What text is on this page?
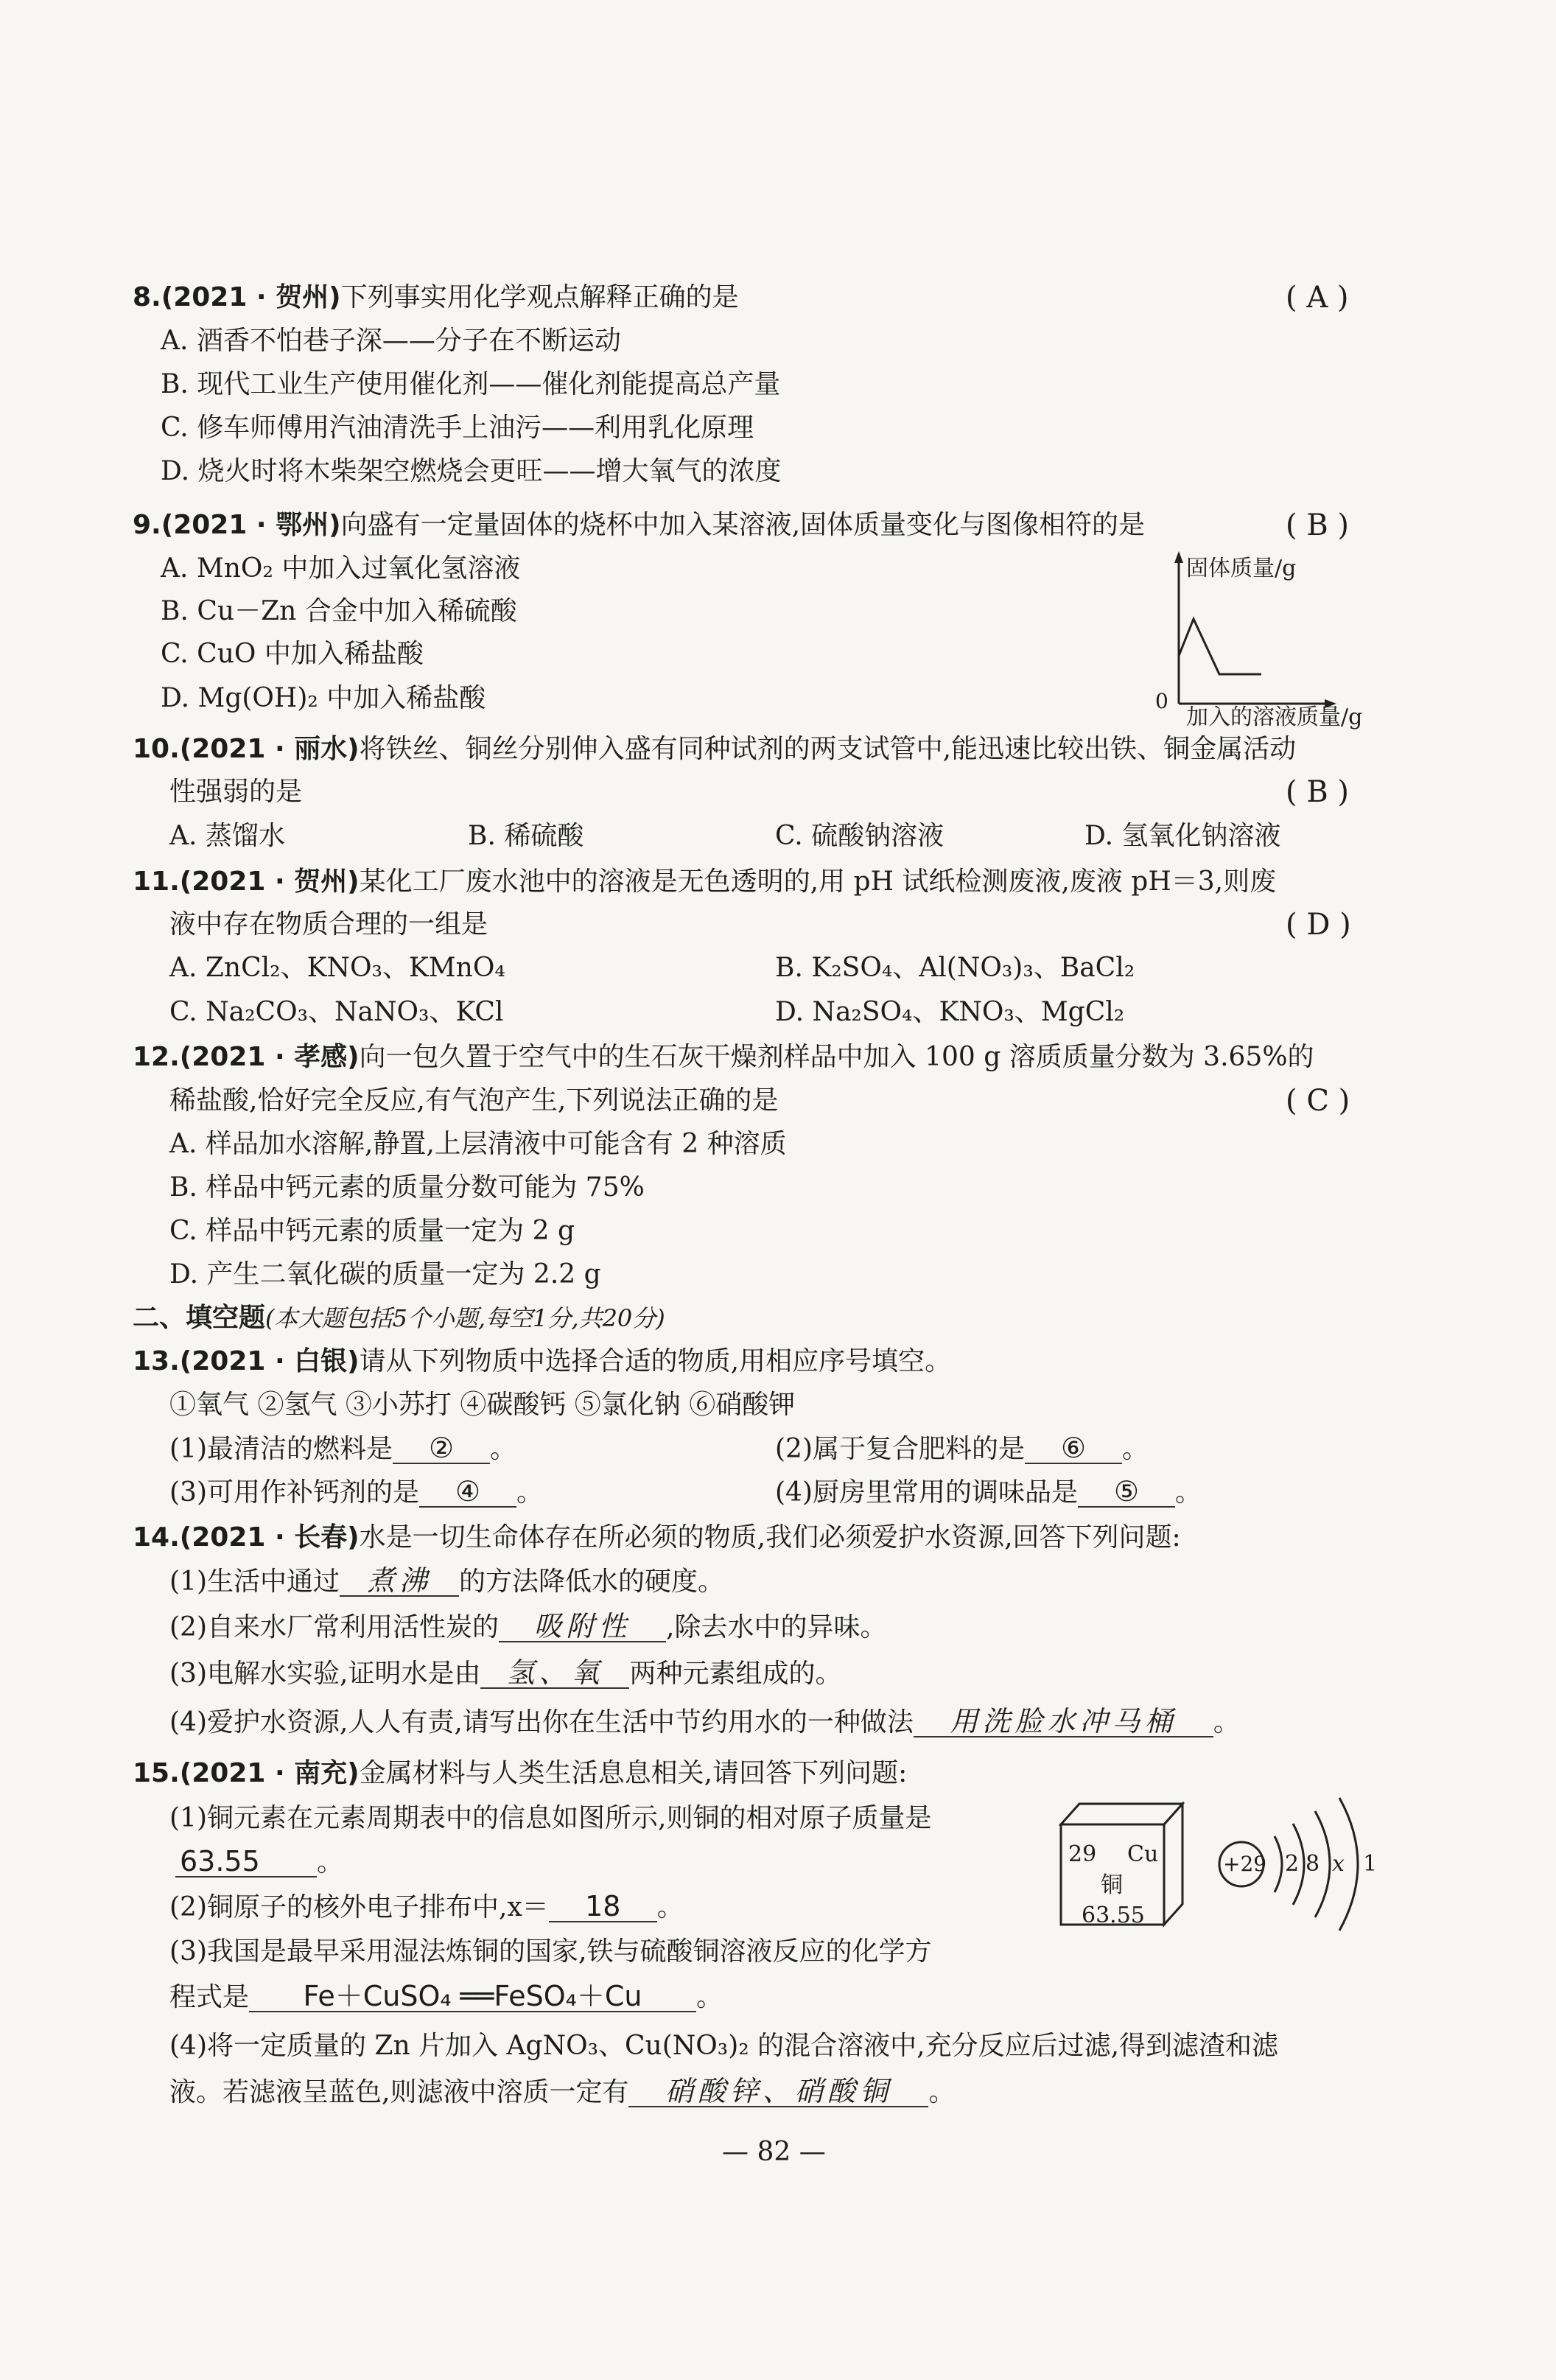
8.(2021 · 贺州)下列事实用化学观点解释正确的是	( A )
A. 酒香不怕巷子深——分子在不断运动
B. 现代工业生产使用催化剂——催化剂能提高总产量
C. 修车师傅用汽油清洗手上油污——利用乳化原理
D. 烧火时将木柴架空燃烧会更旺——增大氧气的浓度
9.(2021 · 鄂州)向盛有一定量固体的烧杯中加入某溶液,固体质量变化与图像相符的是	( B )
A. MnO₂ 中加入过氧化氢溶液
B. Cu－Zn 合金中加入稀硫酸
C. CuO 中加入稀盐酸
D. Mg(OH)₂ 中加入稀盐酸
固体质量/g
0
加入的溶液质量/g
10.(2021 · 丽水)将铁丝、铜丝分别伸入盛有同种试剂的两支试管中,能迅速比较出铁、铜金属活动
性强弱的是	( B )
A. 蒸馏水	B. 稀硫酸	C. 硫酸钠溶液	D. 氢氧化钠溶液
11.(2021 · 贺州)某化工厂废水池中的溶液是无色透明的,用 pH 试纸检测废液,废液 pH＝3,则废
液中存在物质合理的一组是	( D )
A. ZnCl₂、KNO₃、KMnO₄	B. K₂SO₄、Al(NO₃)₃、BaCl₂
C. Na₂CO₃、NaNO₃、KCl	D. Na₂SO₄、KNO₃、MgCl₂
12.(2021 · 孝感)向一包久置于空气中的生石灰干燥剂样品中加入 100 g 溶质质量分数为 3.65%的
稀盐酸,恰好完全反应,有气泡产生,下列说法正确的是	( C )
A. 样品加水溶解,静置,上层清液中可能含有 2 种溶质
B. 样品中钙元素的质量分数可能为 75%
C. 样品中钙元素的质量一定为 2 g
D. 产生二氧化碳的质量一定为 2.2 g
二、填空题(本大题包括5个小题,每空1分,共20分)
13.(2021 · 白银)请从下列物质中选择合适的物质,用相应序号填空。
①氧气 ②氢气 ③小苏打 ④碳酸钙 ⑤氯化钠 ⑥硝酸钾
(1)最清洁的燃料是 ② 。	(2)属于复合肥料的是 ⑥ 。
(3)可用作补钙剂的是 ④ 。	(4)厨房里常用的调味品是 ⑤ 。
14.(2021 · 长春)水是一切生命体存在所必须的物质,我们必须爱护水资源,回答下列问题:
(1)生活中通过 煮沸 的方法降低水的硬度。
(2)自来水厂常利用活性炭的 吸附性 ,除去水中的异味。
(3)电解水实验,证明水是由 氢、氧 两种元素组成的。
(4)爱护水资源,人人有责,请写出你在生活中节约用水的一种做法 用洗脸水冲马桶 。
15.(2021 · 南充)金属材料与人类生活息息相关,请回答下列问题:
(1)铜元素在元素周期表中的信息如图所示,则铜的相对原子质量是
63.55 。
(2)铜原子的核外电子排布中,x＝ 18 。
(3)我国是最早采用湿法炼铜的国家,铁与硫酸铜溶液反应的化学方
程式是 Fe＋CuSO₄ ══FeSO₄＋Cu 。
(4)将一定质量的 Zn 片加入 AgNO₃、Cu(NO₃)₂ 的混合溶液中,充分反应后过滤,得到滤渣和滤
液。若滤液呈蓝色,则滤液中溶质一定有 硝酸锌、硝酸铜 。
29 Cu
铜
63.55
+29 2 8 x 1
— 82 —
